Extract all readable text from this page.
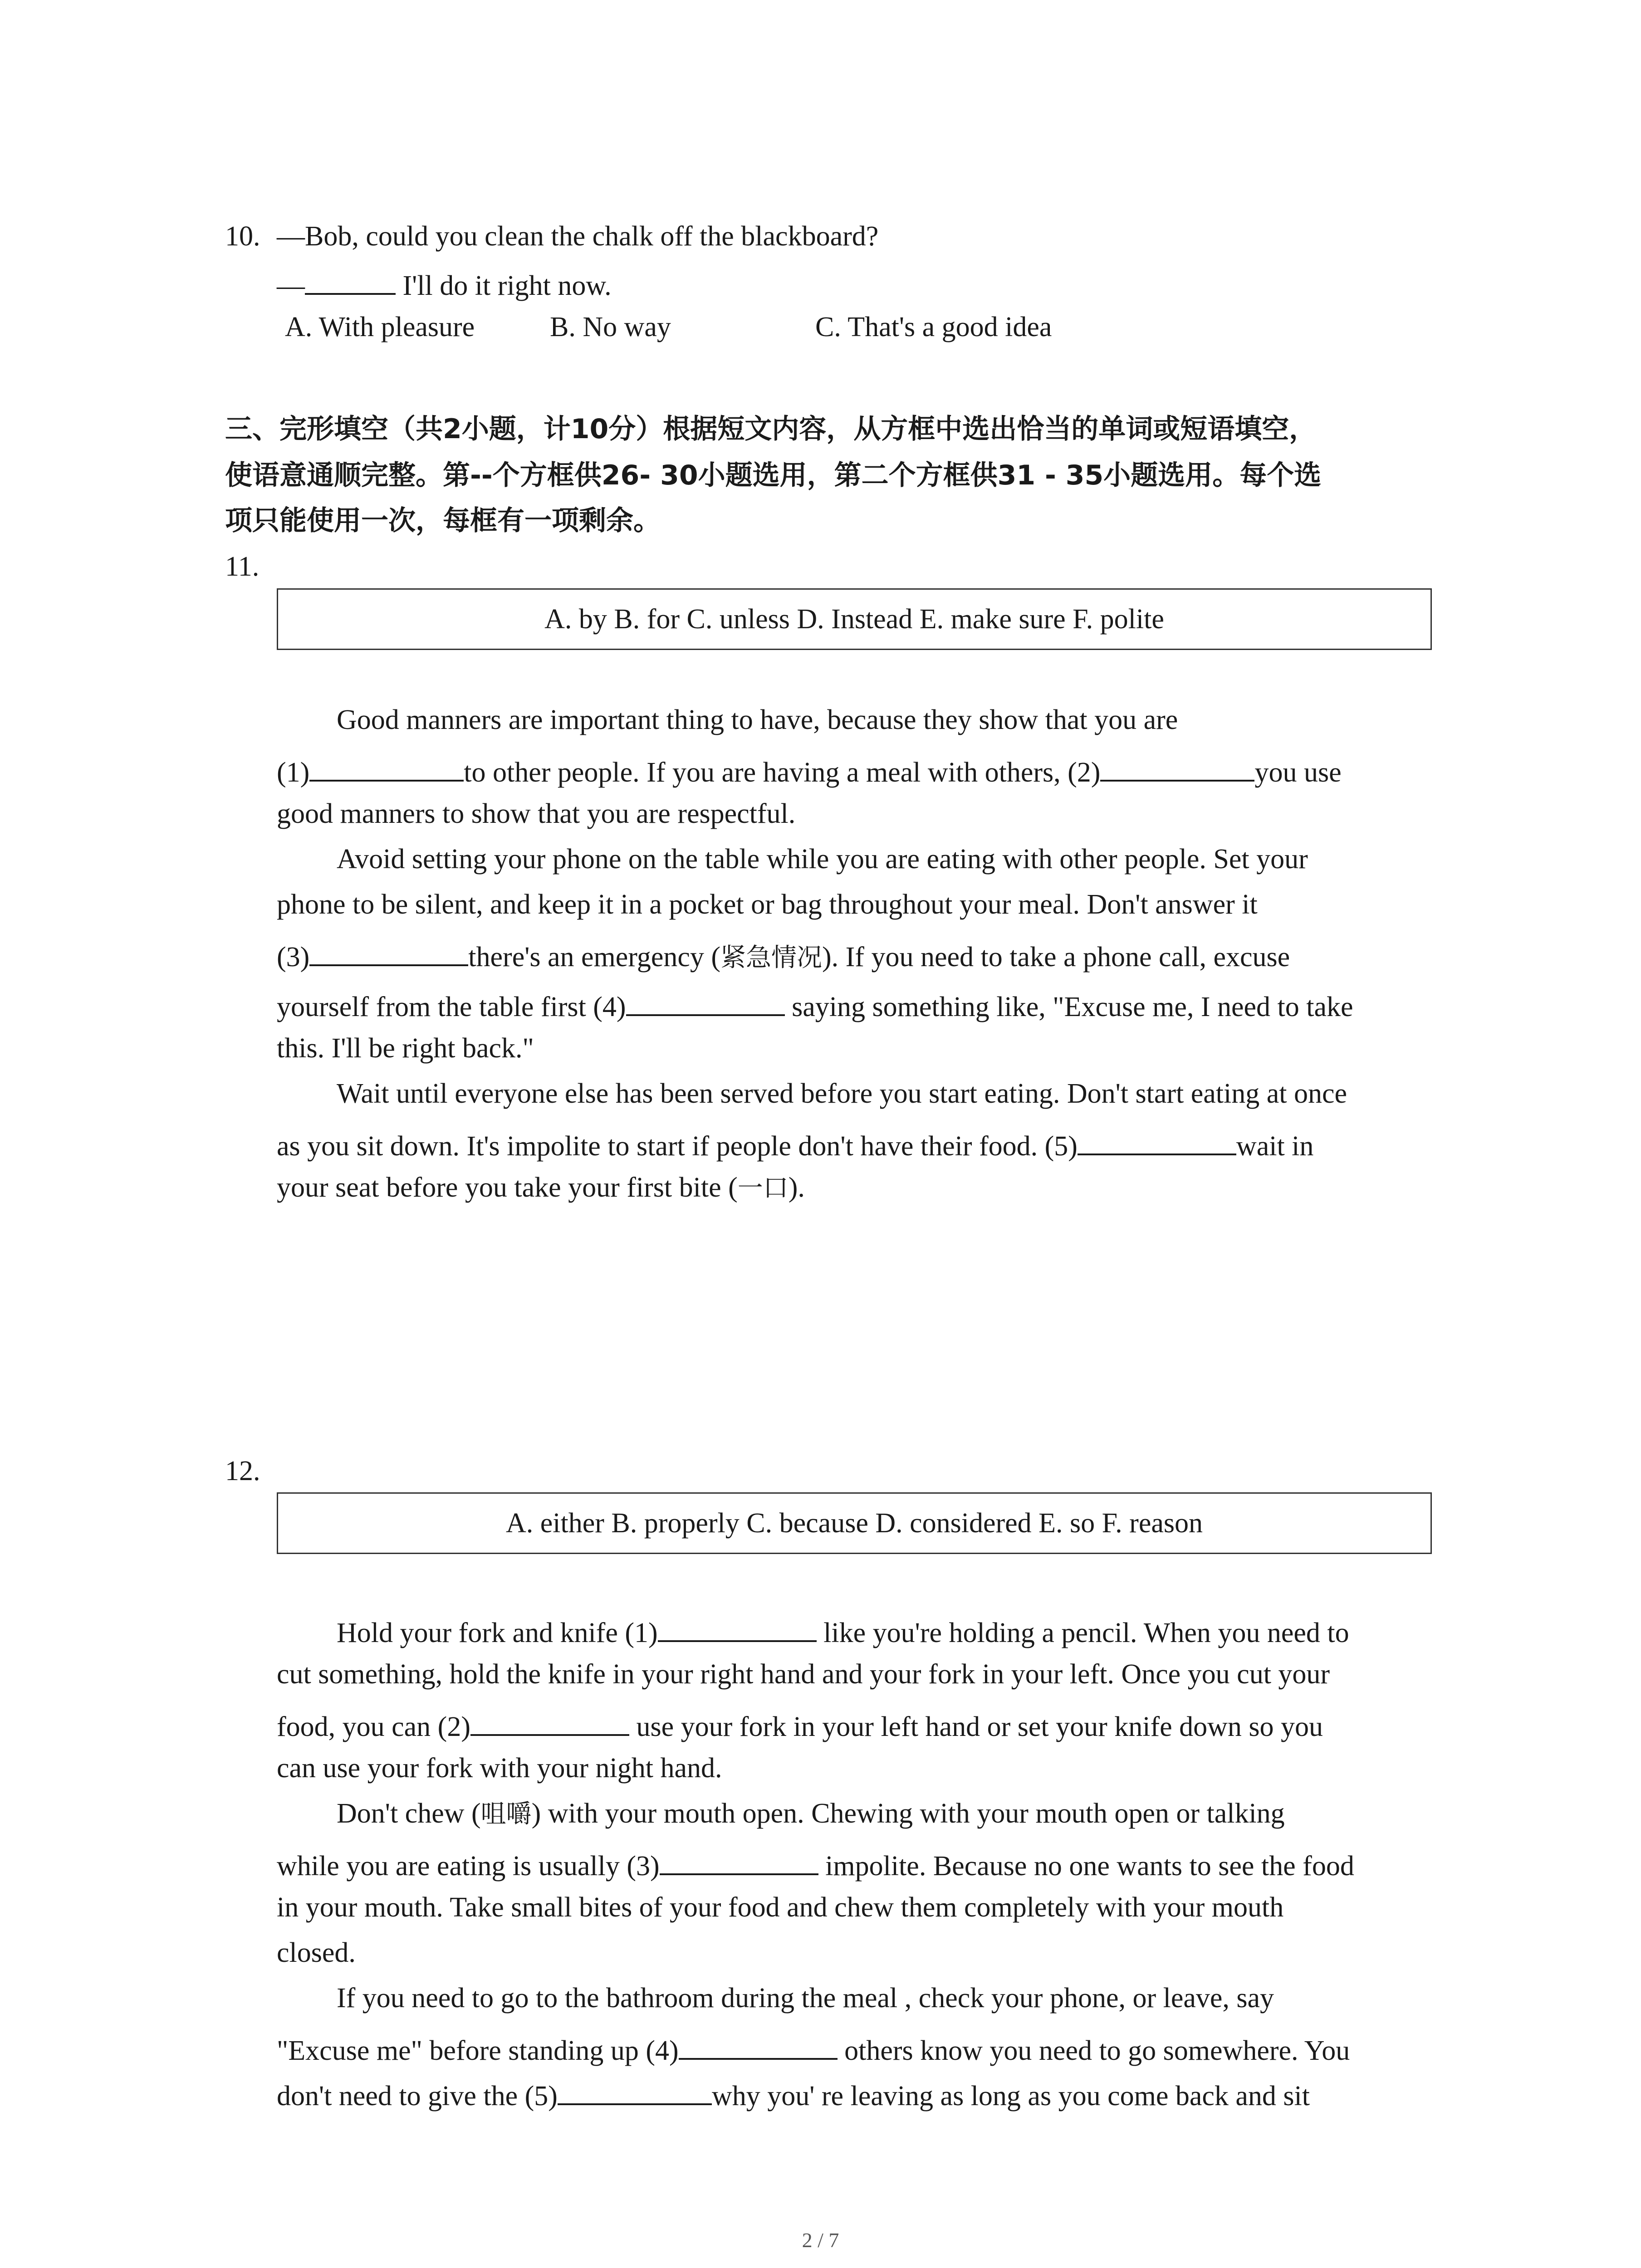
10. —Bob, could you clean the chalk off the blackboard?
—	I'll do it right now.
A. With pleasure	B. No way	C. That's a good idea
三、完形填空（共2小题，计10分）根据短文内容，从方框中选出恰当的单词或短语填空，
使语意通顺完整。第--个方框供26- 30小题选用，第二个方框供31 - 35小题选用。每个选
项只能使用一次，每框有一项剩余。
11.
A. by B. for C. unless D. Instead E. make sure F. polite
Good manners are important thing to have, because they show that you are
(1)	to other people. If you are having a meal with others, (2)	you use
good manners to show that you are respectful.
Avoid setting your phone on the table while you are eating with other people. Set your
phone to be silent, and keep it in a pocket or bag throughout your meal. Don't answer it
(3)	there's an emergency (紧急情况). If you need to take a phone call, excuse
yourself from the table first (4)	saying something like, "Excuse me, I need to take
this. I'll be right back."
Wait until everyone else has been served before you start eating. Don't start eating at once
as you sit down. It's impolite to start if people don't have their food. (5)	wait in
your seat before you take your first bite (一口).
12.
A. either B. properly C. because D. considered E. so F. reason
Hold your fork and knife (1)	like you're holding a pencil. When you need to
cut something, hold the knife in your right hand and your fork in your left. Once you cut your
food, you can (2)	use your fork in your left hand or set your knife down so you
can use your fork with your night hand.
Don't chew (咀嚼) with your mouth open. Chewing with your mouth open or talking
while you are eating is usually (3)	impolite. Because no one wants to see the food
in your mouth. Take small bites of your food and chew them completely with your mouth
closed.
If you need to go to the bathroom during the meal , check your phone, or leave, say
"Excuse me" before standing up (4)	others know you need to go somewhere. You
don't need to give the (5)	why you' re leaving as long as you come back and sit
2 / 7
